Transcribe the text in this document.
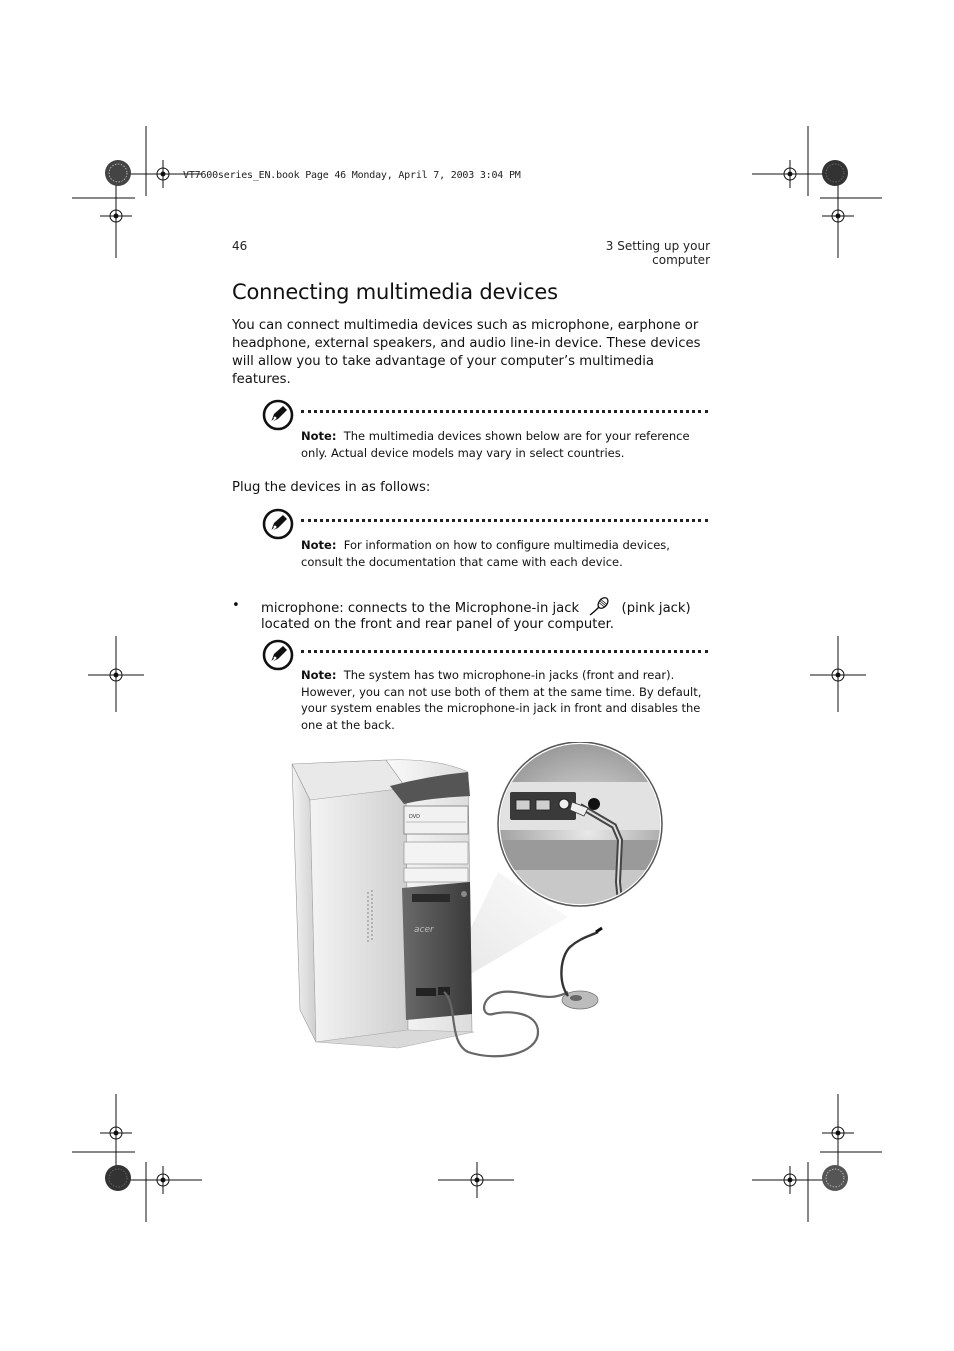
VT7600series_EN.book Page 46 Monday, April 7, 2003 3:04 PM
46	3 Setting up your computer
Connecting multimedia devices
You can connect multimedia devices such as microphone, earphone or headphone, external speakers, and audio line-in device. These devices will allow you to take advantage of your computer’s multimedia features.
Note: The multimedia devices shown below are for your reference only. Actual device models may vary in select countries.
Plug the devices in as follows:
Note: For information on how to configure multimedia devices, consult the documentation that came with each device.
• microphone: connects to the Microphone-in jack	(pink jack)
located on the front and rear panel of your computer.
Note: The system has two microphone-in jacks (front and rear). However, you can not use both of them at the same time. By default, your system enables the microphone-in jack in front and disables the one at the back.
DVD
acer
